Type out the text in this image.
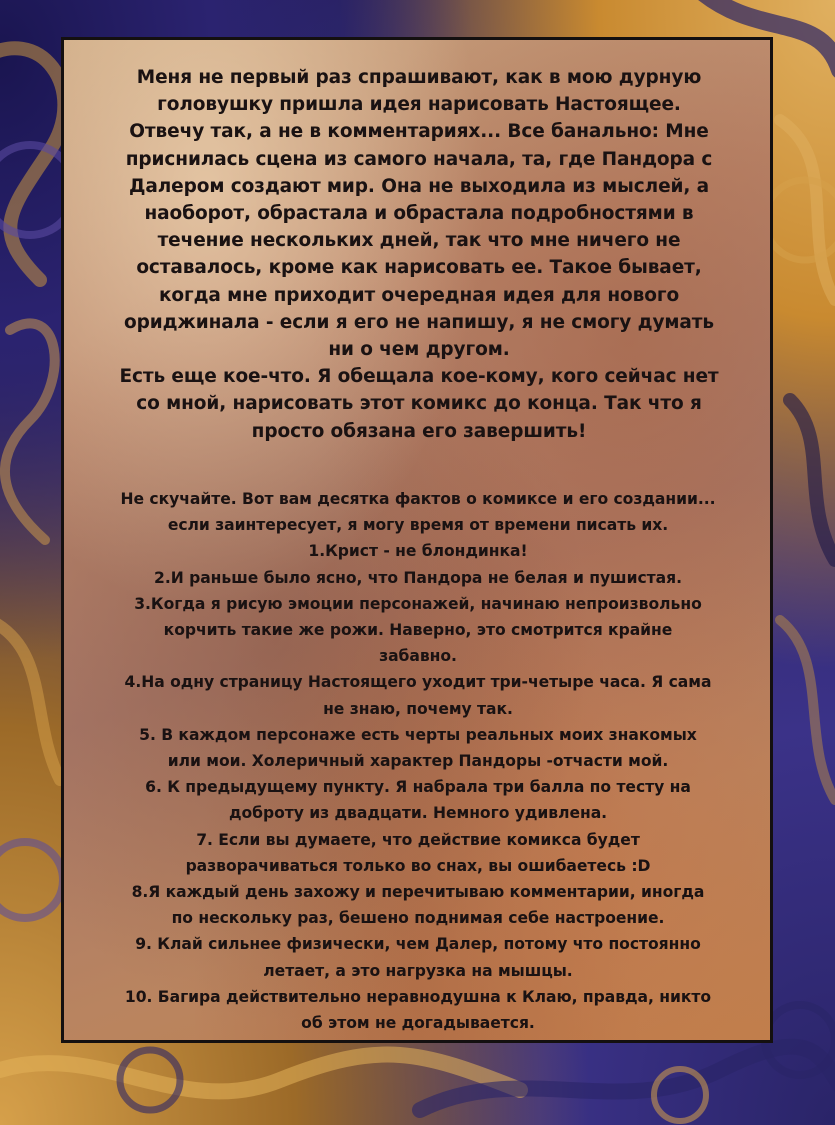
Меня не первый раз спрашивают, как в мою дурную
головушку пришла идея нарисовать Настоящее.
Отвечу так, а не в комментариях... Все банально: Мне
приснилась сцена из самого начала, та, где Пандора с
Далером создают мир. Она не выходила из мыслей, а
наоборот, обрастала и обрастала подробностями в
течение нескольких дней, так что мне ничего не
оставалось, кроме как нарисовать ее. Такое бывает,
когда мне приходит очередная идея для нового
ориджинала - если я его не напишу, я не смогу думать
ни о чем другом.
Есть еще кое-что. Я обещала кое-кому, кого сейчас нет
со мной, нарисовать этот комикс до конца. Так что я
просто обязана его завершить!
Не скучайте. Вот вам десятка фактов о комиксе и его создании...
если заинтересует, я могу время от времени писать их.
1.Крист - не блондинка!
2.И раньше было ясно, что Пандора не белая и пушистая.
3.Когда я рисую эмоции персонажей, начинаю непроизвольно
корчить такие же рожи. Наверно, это смотрится крайне
забавно.
4.На одну страницу Настоящего уходит три-четыре часа. Я сама
не знаю, почему так.
5. В каждом персонаже есть черты реальных моих знакомых
или мои. Холеричный характер Пандоры -отчасти мой.
6. К предыдущему пункту. Я набрала три балла по тесту на
доброту из двадцати. Немного удивлена.
7. Если вы думаете, что действие комикса будет
разворачиваться только во снах, вы ошибаетесь :D
8.Я каждый день захожу и перечитываю комментарии, иногда
по нескольку раз, бешено поднимая себе настроение.
9. Клай сильнее физически, чем Далер, потому что постоянно
летает, а это нагрузка на мышцы.
10. Багира действительно неравнодушна к Клаю, правда, никто
об этом не догадывается.
